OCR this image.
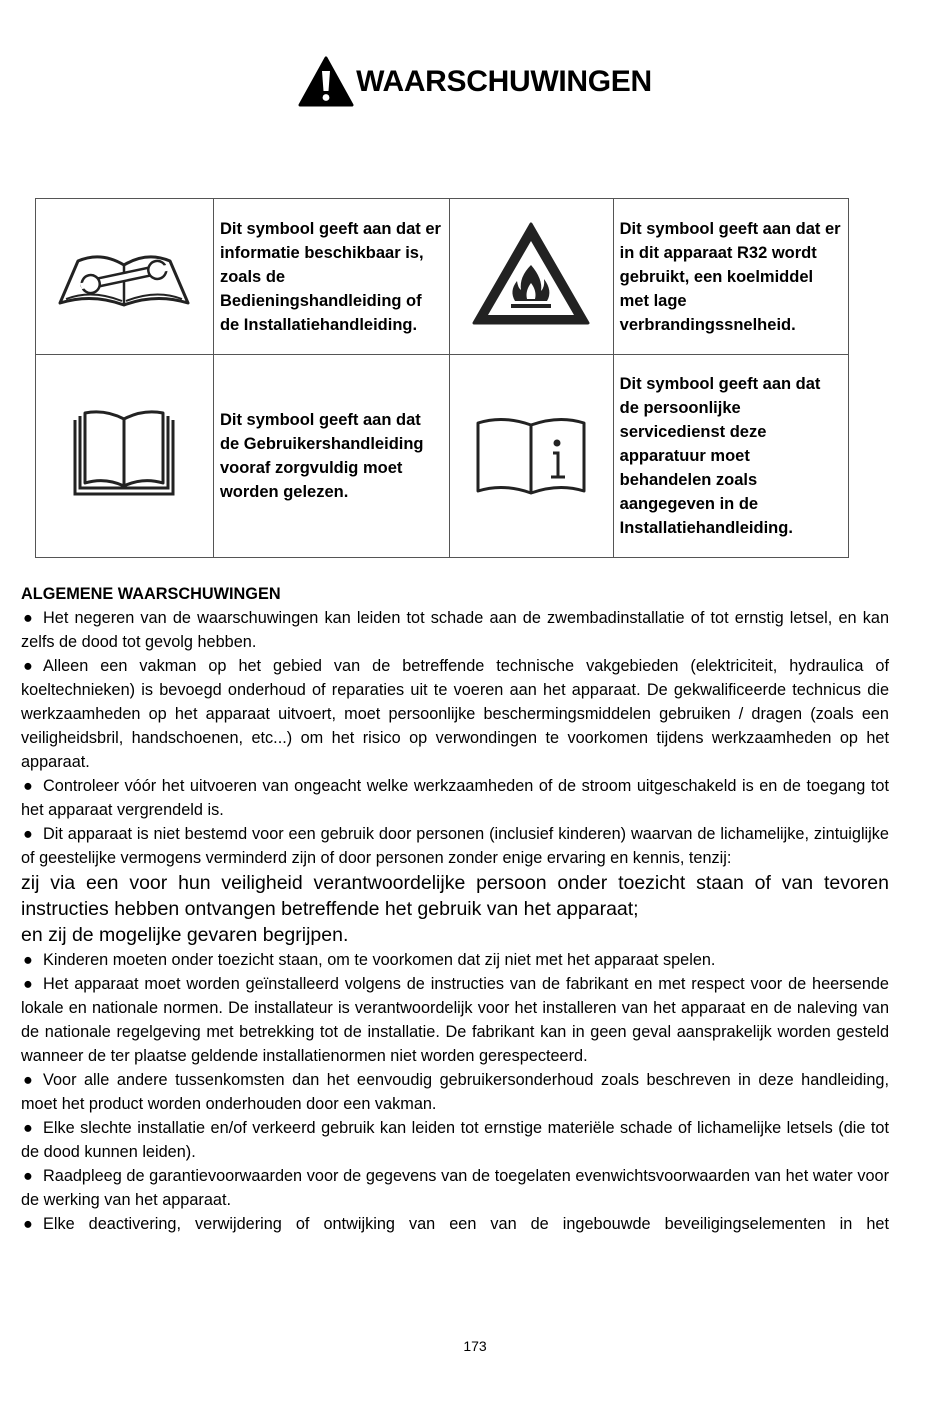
WAARSCHUWINGEN
	Dit symbool geeft aan dat er informatie beschikbaar is, zoals de Bedieningshandleiding of de Installatiehandleiding.		Dit symbool geeft aan dat er in dit apparaat R32 wordt gebruikt, een koelmiddel met lage verbrandingssnelheid.
	Dit symbool geeft aan dat de Gebruikershandleiding vooraf zorgvuldig moet worden gelezen.		Dit symbool geeft aan dat de persoonlijke servicedienst deze apparatuur moet behandelen zoals aangegeven in de Installatiehandleiding.
ALGEMENE WAARSCHUWINGEN

● Het negeren van de waarschuwingen kan leiden tot schade aan de zwembadinstallatie of tot ernstig letsel, en kan zelfs de dood tot gevolg hebben.

● Alleen een vakman op het gebied van de betreffende technische vakgebieden (elektriciteit, hydraulica of koeltechnieken) is bevoegd onderhoud of reparaties uit te voeren aan het apparaat. De gekwalificeerde technicus die werkzaamheden op het apparaat uitvoert, moet persoonlijke beschermingsmiddelen gebruiken / dragen (zoals een veiligheidsbril, handschoenen, etc...) om het risico op verwondingen te voorkomen tijdens werkzaamheden op het apparaat.

● Controleer vóór het uitvoeren van ongeacht welke werkzaamheden of de stroom uitgeschakeld is en de toegang tot het apparaat vergrendeld is.

● Dit apparaat is niet bestemd voor een gebruik door personen (inclusief kinderen) waarvan de lichamelijke, zintuiglijke of geestelijke vermogens verminderd zijn of door personen zonder enige ervaring en kennis, tenzij:

zij via een voor hun veiligheid verantwoordelijke persoon onder toezicht staan of van tevoren instructies hebben ontvangen betreffende het gebruik van het apparaat;

en zij de mogelijke gevaren begrijpen.

● Kinderen moeten onder toezicht staan, om te voorkomen dat zij niet met het apparaat spelen.

● Het apparaat moet worden geïnstalleerd volgens de instructies van de fabrikant en met respect voor de heersende lokale en nationale normen. De installateur is verantwoordelijk voor het installeren van het apparaat en de naleving van de nationale regelgeving met betrekking tot de installatie. De fabrikant kan in geen geval aansprakelijk worden gesteld wanneer de ter plaatse geldende installatienormen niet worden gerespecteerd.

● Voor alle andere tussenkomsten dan het eenvoudig gebruikersonderhoud zoals beschreven in deze handleiding, moet het product worden onderhouden door een vakman.

● Elke slechte installatie en/of verkeerd gebruik kan leiden tot ernstige materiële schade of lichamelijke letsels (die tot de dood kunnen leiden).

● Raadpleeg de garantievoorwaarden voor de gegevens van de toegelaten evenwichtsvoorwaarden van het water voor de werking van het apparaat.

● Elke deactivering, verwijdering of ontwijking van een van de ingebouwde beveiligingselementen in het

173
